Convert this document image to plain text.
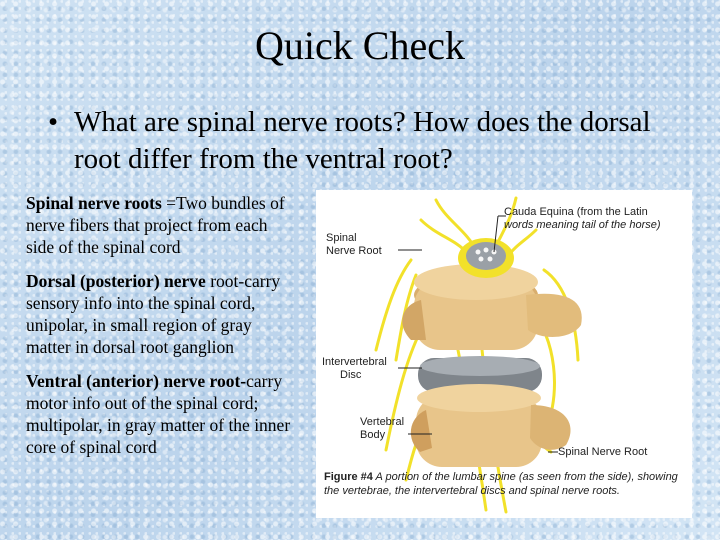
Quick Check
• What are spinal nerve roots? How does the dorsal root differ from the ventral root?

Spinal nerve roots =Two bundles of nerve fibers that project from each side of the spinal cord

Dorsal (posterior) nerve root-carry sensory info into the spinal cord, unipolar, in small region of gray matter in dorsal root ganglion

Ventral (anterior) nerve root-carry motor info out of the spinal cord; multipolar, in gray matter of the inner core of spinal cord

Cauda Equina (from the Latin
words meaning tail of the horse)
Spinal
Nerve Root
Intervertebral
Disc
Vertebral
Body
Spinal Nerve Root
Figure #4 A portion of the lumbar spine (as seen from the side), showing the vertebrae, the intervertebral discs and spinal nerve roots.
